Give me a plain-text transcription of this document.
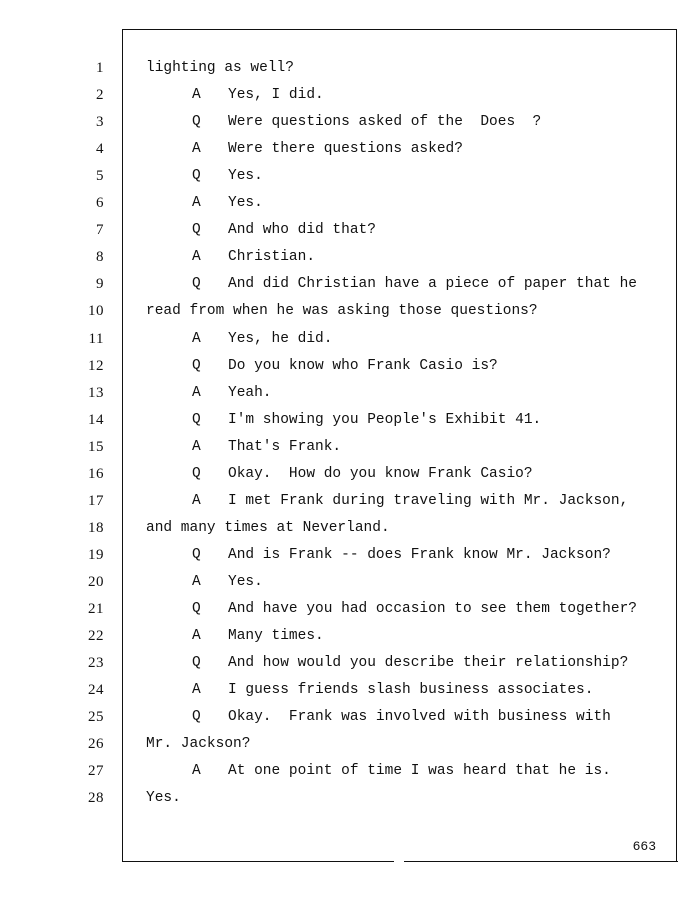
1	lighting as well?
2	A Yes, I did.
3	Q Were questions asked of the  Does  ?
4	A Were there questions asked?
5	Q Yes.
6	A Yes.
7	Q And who did that?
8	A Christian.
9	Q And did Christian have a piece of paper that he
10	read from when he was asking those questions?
11	A Yes, he did.
12	Q Do you know who Frank Casio is?
13	A Yeah.
14	Q I'm showing you People's Exhibit 41.
15	A That's Frank.
16	Q Okay.  How do you know Frank Casio?
17	A I met Frank during traveling with Mr. Jackson,
18	and many times at Neverland.
19	Q And is Frank -- does Frank know Mr. Jackson?
20	A Yes.
21	Q And have you had occasion to see them together?
22	A Many times.
23	Q And how would you describe their relationship?
24	A I guess friends slash business associates.
25	Q Okay.  Frank was involved with business with
26	Mr. Jackson?
27	A At one point of time I was heard that he is.
28	Yes.
663
